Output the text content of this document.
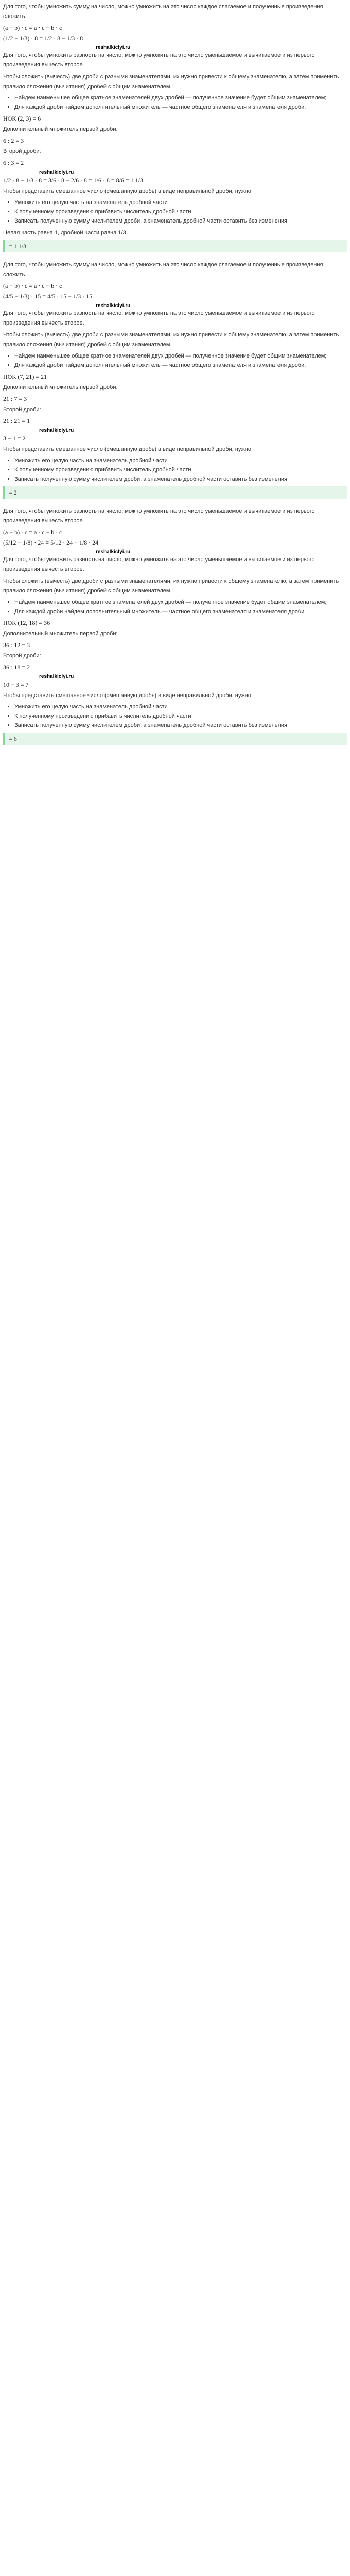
Для того, чтобы умножить сумму на число, можно умножить на это число каждое слагаемое и полученные произведения сложить.

(a − b) ⋅ c = a ⋅ c − b ⋅ c
(1/2 − 1/3) ⋅ 8 = 1/2 ⋅ 8 − 1/3 ⋅ 8
reshalkiclyi.ru

Для того, чтобы умножить разность на число, можно умножить на это число уменьшаемое и вычитаемое и из первого произведения вычесть второе.

Чтобы сложить (вычесть) две дроби с разными знаменателями, их нужно привести к общему знаменателю, а затем применить правило сложения (вычитания) дробей с общим знаменателем.

• Найдем наименьшее общее кратное знаменателей двух дробей — полученное значение будет общим знаменателем;
• Для каждой дроби найдем дополнительный множитель — частное общего знаменателя и знаменателя дроби.
НОК (2, 3) = 6

Дополнительный множитель первой дроби:

6 : 2 = 3

Второй дроби:

6 : 3 = 2
reshalkiclyi.ru
1/2 ⋅ 8 − 1/3 ⋅ 8 = 3/6 ⋅ 8 − 2/6 ⋅ 8 = 1/6 ⋅ 8 = 8/6 = 1 1/3

Чтобы представить смешанное число (смешанную дробь) в виде неправильной дроби, нужно:

• Умножить его целую часть на знаменатель дробной части
• К полученному произведению прибавить числитель дробной части
• Записать полученную сумму числителем дроби, а знаменатель дробной части оставить без изменения

Целая часть равна 1, дробной части равна 1/3.

= 1 1/3

Для того, чтобы умножить сумму на число, можно умножить на это число каждое слагаемое и полученные произведения сложить.

(a − b) ⋅ c = a ⋅ c − b ⋅ c
(4/5 − 1/3) ⋅ 15 = 4/5 ⋅ 15 − 1/3 ⋅ 15
reshalkiclyi.ru

Для того, чтобы умножить разность на число, можно умножить на это число уменьшаемое и вычитаемое и из первого произведения вычесть второе.

Чтобы сложить (вычесть) две дроби с разными знаменателями, их нужно привести к общему знаменателю, а затем применить правило сложения (вычитания) дробей с общим знаменателем.

• Найдем наименьшее общее кратное знаменателей двух дробей — полученное значение будет общим знаменателем;
• Для каждой дроби найдем дополнительный множитель — частное общего знаменателя и знаменателя дроби.
НОК (7, 21) = 21

Дополнительный множитель первой дроби:

21 : 7 = 3

Второй дроби:

21 : 21 = 1
reshalkiclyi.ru
3 − 1 = 2

Чтобы представить смешанное число (смешанную дробь) в виде неправильной дроби, нужно:

• Умножить его целую часть на знаменатель дробной части
• К полученному произведению прибавить числитель дробной части
• Записать полученную сумму числителем дроби, а знаменатель дробной части оставить без изменения
= 2

Для того, чтобы умножить разность на число, можно умножить на это число уменьшаемое и вычитаемое и из первого произведения вычесть второе.

(a − b) ⋅ c = a ⋅ c − b ⋅ c
(5/12 − 1/8) ⋅ 24 = 5/12 ⋅ 24 − 1/8 ⋅ 24
reshalkiclyi.ru

Для того, чтобы умножить разность на число, можно умножить на это число уменьшаемое и вычитаемое и из первого произведения вычесть второе.

Чтобы сложить (вычесть) две дроби с разными знаменателями, их нужно привести к общему знаменателю, а затем применить правило сложения (вычитания) дробей с общим знаменателем.

• Найдем наименьшее общее кратное знаменателей двух дробей — полученное значение будет общим знаменателем;
• Для каждой дроби найдем дополнительный множитель — частное общего знаменателя и знаменателя дроби.
НОК (12, 18) = 36

Дополнительный множитель первой дроби:

36 : 12 = 3

Второй дроби:

36 : 18 = 2
reshalkiclyi.ru
10 − 3 = 7

Чтобы представить смешанное число (смешанную дробь) в виде неправильной дроби, нужно:

• Умножить его целую часть на знаменатель дробной части
• К полученному произведению прибавить числитель дробной части
• Записать полученную сумму числителем дроби, а знаменатель дробной части оставить без изменения
= 6
